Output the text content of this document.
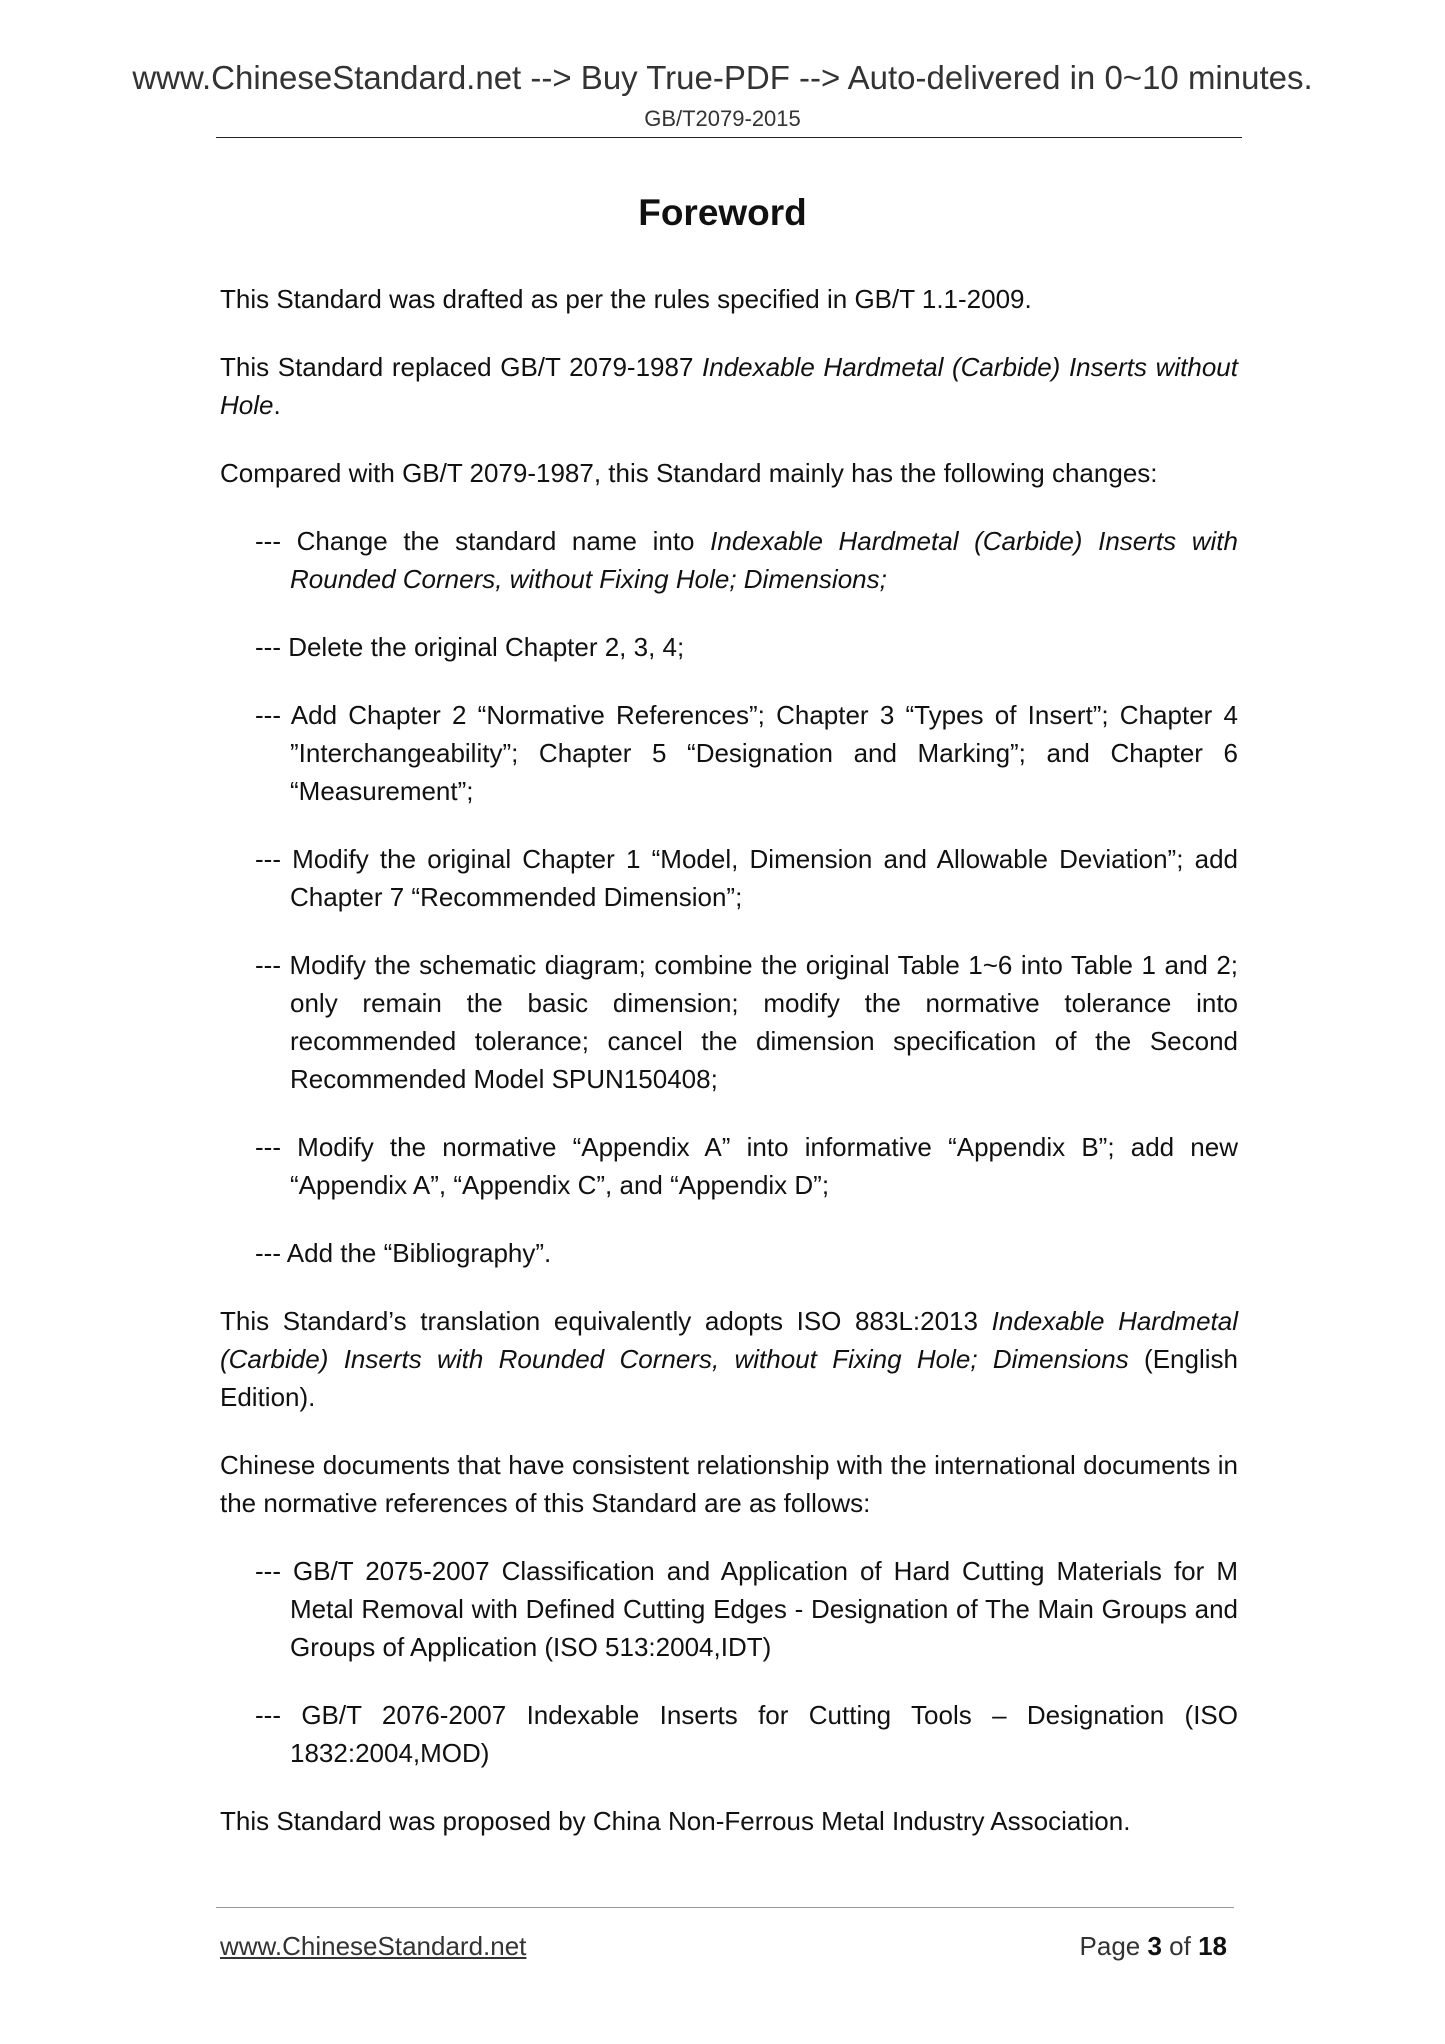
www.ChineseStandard.net --> Buy True-PDF --> Auto-delivered in 0~10 minutes.
GB/T2079-2015
Foreword

This Standard was drafted as per the rules specified in GB/T 1.1-2009.

This Standard replaced GB/T 2079-1987 Indexable Hardmetal (Carbide) Inserts without Hole.

Compared with GB/T 2079-1987, this Standard mainly has the following changes:

--- Change the standard name into Indexable Hardmetal (Carbide) Inserts with Rounded Corners, without Fixing Hole; Dimensions;

--- Delete the original Chapter 2, 3, 4;

--- Add Chapter 2 “Normative References”; Chapter 3 “Types of Insert”; Chapter 4 ”Interchangeability”; Chapter 5 “Designation and Marking”; and Chapter 6 “Measurement”;

--- Modify the original Chapter 1 “Model, Dimension and Allowable Deviation”; add Chapter 7 “Recommended Dimension”;

--- Modify the schematic diagram; combine the original Table 1~6 into Table 1 and 2; only remain the basic dimension; modify the normative tolerance into recommended tolerance; cancel the dimension specification of the Second Recommended Model SPUN150408;

--- Modify the normative “Appendix A” into informative “Appendix B”; add new “Appendix A”, “Appendix C”, and “Appendix D”;

--- Add the “Bibliography”.

This Standard’s translation equivalently adopts ISO 883L:2013 Indexable Hardmetal (Carbide) Inserts with Rounded Corners, without Fixing Hole; Dimensions (English Edition).

Chinese documents that have consistent relationship with the international documents in the normative references of this Standard are as follows:

--- GB/T 2075-2007 Classification and Application of Hard Cutting Materials for M Metal Removal with Defined Cutting Edges - Designation of The Main Groups and Groups of Application (ISO 513:2004,IDT)

--- GB/T 2076-2007 Indexable Inserts for Cutting Tools – Designation (ISO 1832:2004,MOD)

This Standard was proposed by China Non-Ferrous Metal Industry Association.

www.ChineseStandard.net	Page 3 of 18
